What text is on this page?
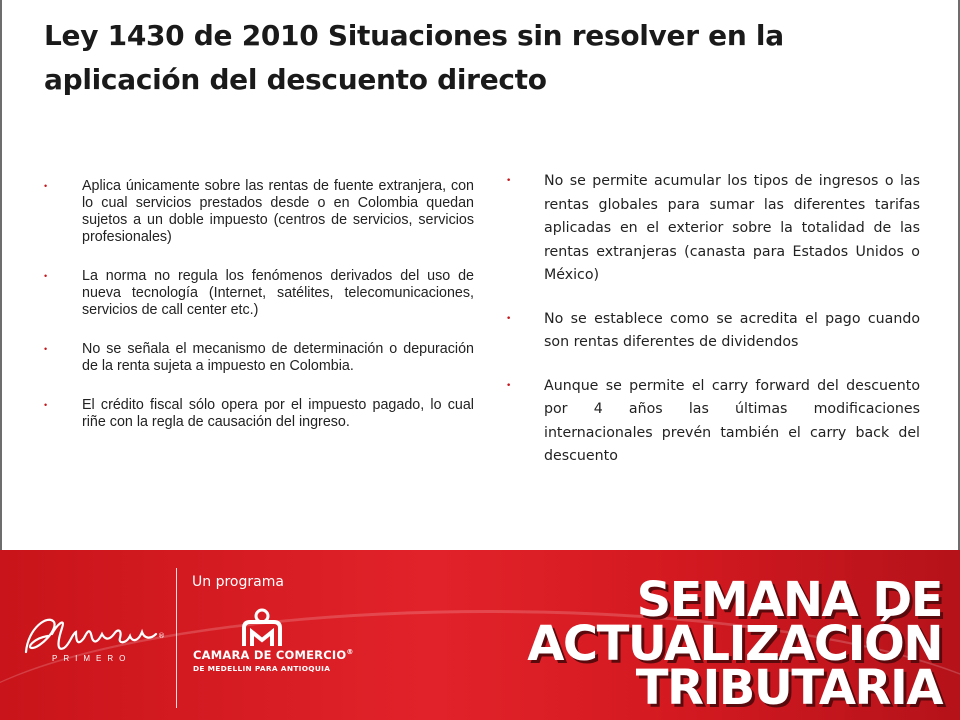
Ley 1430 de 2010 Situaciones sin resolver en la aplicación del descuento directo
• Aplica únicamente sobre las rentas de fuente extranjera, con lo cual servicios prestados desde o en Colombia quedan sujetos a un doble impuesto (centros de servicios, servicios profesionales)
• La norma no regula los fenómenos derivados del uso de nueva tecnología (Internet, satélites, telecomunicaciones, servicios de call center etc.)
• No se señala el mecanismo de determinación o depuración de la renta sujeta a impuesto en Colombia.
• El crédito fiscal sólo opera por el impuesto pagado, lo cual riñe con la regla de causación del ingreso.
• No se permite acumular los tipos de ingresos o las rentas globales para sumar las diferentes tarifas aplicadas en el exterior sobre la totalidad de las rentas extranjeras (canasta para Estados Unidos o México)
• No se establece como se acredita el pago cuando son rentas diferentes de dividendos
• Aunque se permite el carry forward del descuento por 4 años las últimas modificaciones internacionales prevén también el carry back del descuento
®
PRIMERO
Un programa
CAMARA DE COMERCIO®
DE MEDELLIN PARA ANTIOQUIA
SEMANA DE
ACTUALIZACIÓN
TRIBUTARIA
